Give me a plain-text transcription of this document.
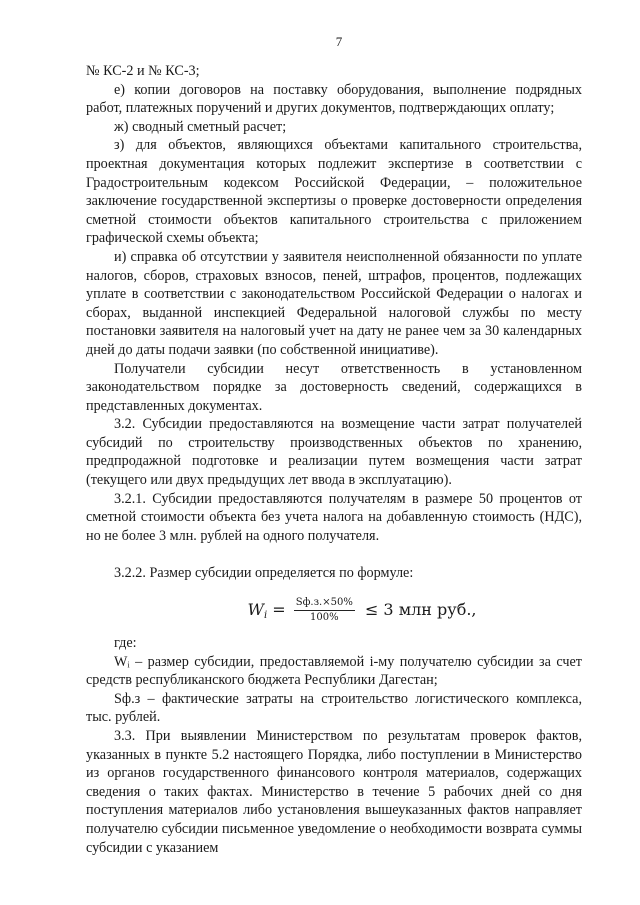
7

№ КС-2 и № КС-3;

е) копии договоров на поставку оборудования, выполнение подрядных работ, платежных поручений и других документов, подтверждающих оплату;

ж) сводный сметный расчет;

з) для объектов, являющихся объектами капитального строительства, проектная документация которых подлежит экспертизе в соответствии с Градостроительным кодексом Российской Федерации, – положительное заключение государственной экспертизы о проверке достоверности определения сметной стоимости объектов капитального строительства с приложением графической схемы объекта;

и) справка об отсутствии у заявителя неисполненной обязанности по уплате налогов, сборов, страховых взносов, пеней, штрафов, процентов, подлежащих уплате в соответствии с законодательством Российской Федерации о налогах и сборах, выданной инспекцией Федеральной налоговой службы по месту постановки заявителя на налоговый учет на дату не ранее чем за 30 календарных дней до даты подачи заявки (по собственной инициативе).

Получатели субсидии несут ответственность в установленном законодательством порядке за достоверность сведений, содержащихся в представленных документах.

3.2. Субсидии предоставляются на возмещение части затрат получателей субсидий по строительству производственных объектов по хранению, предпродажной подготовке и реализации путем возмещения части затрат (текущего или двух предыдущих лет ввода в эксплуатацию).

3.2.1. Субсидии предоставляются получателям в размере 50 процентов от сметной стоимости объекта без учета налога на добавленную стоимость (НДС), но не более 3 млн. рублей на одного получателя.

3.2.2. Размер субсидии определяется по формуле:

$W_i = \frac{Sф.з.\times 50\%}{100\%} \le 3$ млн руб.,

где:

Wᵢ – размер субсидии, предоставляемой i-му получателю субсидии за счет средств республиканского бюджета Республики Дагестан;

Sф.з – фактические затраты на строительство логистического комплекса, тыс. рублей.

3.3. При выявлении Министерством по результатам проверок фактов, указанных в пункте 5.2 настоящего Порядка, либо поступлении в Министерство из органов государственного финансового контроля материалов, содержащих сведения о таких фактах. Министерство в течение 5 рабочих дней со дня поступления материалов либо установления вышеуказанных фактов направляет получателю субсидии письменное уведомление о необходимости возврата суммы субсидии с указанием
